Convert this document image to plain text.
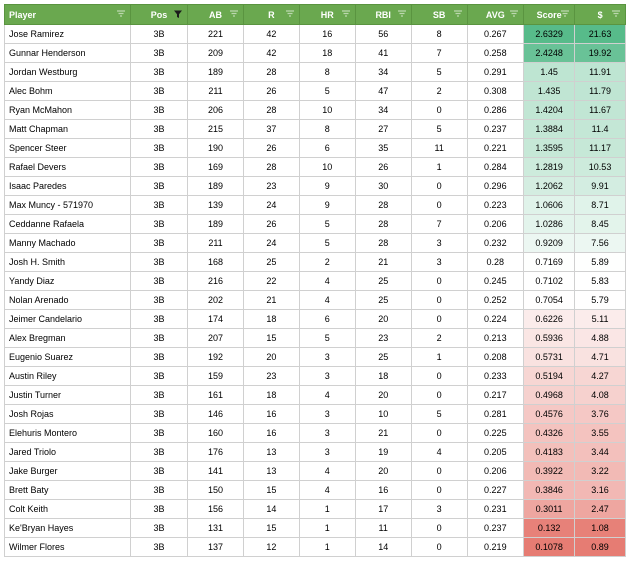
Player	Pos	AB	R	HR	RBI	SB	AVG	Score	$

Jose Ramirez	3B	221	42	16	56	8	0.267	2.6329	21.63
Gunnar Henderson	3B	209	42	18	41	7	0.258	2.4248	19.92
Jordan Westburg	3B	189	28	8	34	5	0.291	1.45	11.91
Alec Bohm	3B	211	26	5	47	2	0.308	1.435	11.79
Ryan McMahon	3B	206	28	10	34	0	0.286	1.4204	11.67
Matt Chapman	3B	215	37	8	27	5	0.237	1.3884	11.4
Spencer Steer	3B	190	26	6	35	11	0.221	1.3595	11.17
Rafael Devers	3B	169	28	10	26	1	0.284	1.2819	10.53
Isaac Paredes	3B	189	23	9	30	0	0.296	1.2062	9.91
Max Muncy - 571970	3B	139	24	9	28	0	0.223	1.0606	8.71
Ceddanne Rafaela	3B	189	26	5	28	7	0.206	1.0286	8.45
Manny Machado	3B	211	24	5	28	3	0.232	0.9209	7.56
Josh H. Smith	3B	168	25	2	21	3	0.28	0.7169	5.89
Yandy Diaz	3B	216	22	4	25	0	0.245	0.7102	5.83
Nolan Arenado	3B	202	21	4	25	0	0.252	0.7054	5.79
Jeimer Candelario	3B	174	18	6	20	0	0.224	0.6226	5.11
Alex Bregman	3B	207	15	5	23	2	0.213	0.5936	4.88
Eugenio Suarez	3B	192	20	3	25	1	0.208	0.5731	4.71
Austin Riley	3B	159	23	3	18	0	0.233	0.5194	4.27
Justin Turner	3B	161	18	4	20	0	0.217	0.4968	4.08
Josh Rojas	3B	146	16	3	10	5	0.281	0.4576	3.76
Elehuris Montero	3B	160	16	3	21	0	0.225	0.4326	3.55
Jared Triolo	3B	176	13	3	19	4	0.205	0.4183	3.44
Jake Burger	3B	141	13	4	20	0	0.206	0.3922	3.22
Brett Baty	3B	150	15	4	16	0	0.227	0.3846	3.16
Colt Keith	3B	156	14	1	17	3	0.231	0.3011	2.47
Ke'Bryan Hayes	3B	131	15	1	11	0	0.237	0.132	1.08
Wilmer Flores	3B	137	12	1	14	0	0.219	0.1078	0.89
